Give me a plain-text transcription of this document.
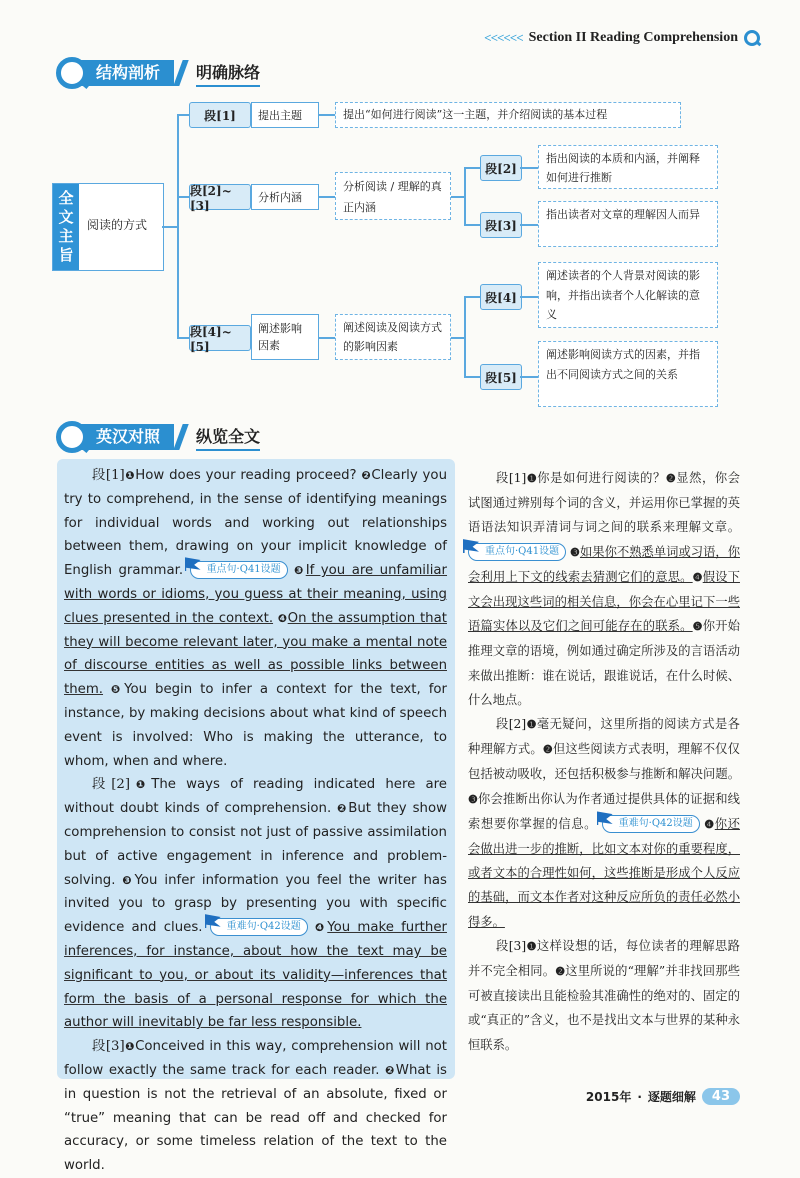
<<<<<< Section II Reading Comprehension
结构剖析	明确脉络
全
文
主
旨
阅读的方式
段[1]	提出主题	提出“如何进行阅读”这一主题，并介绍阅读的基本过程
段[2]~[3]
分析内涵
分析阅读 / 理解的真正内涵
段[2]
指出阅读的本质和内涵，并阐释如何进行推断
段[3]
指出读者对文章的理解因人而异
段[4]~[5]
阐述影响因素
阐述阅读及阅读方式的影响因素
段[4]
阐述读者的个人背景对阅读的影响，并指出读者个人化解读的意义
段[5]
阐述影响阅读方式的因素，并指出不同阅读方式之间的关系
英汉对照	纵览全文

段[1]❶How does your reading proceed? ❷Clearly you try to comprehend, in the sense of identifying meanings for individual words and working out relationships between them, drawing on your implicit knowledge of English grammar. 重点句·Q41设题 ❸If you are unfamiliar with words or idioms, you guess at their meaning, using clues presented in the context. ❹On the assumption that they will become relevant later, you make a mental note of discourse entities as well as possible links between them. ❺You begin to infer a context for the text, for instance, by making decisions about what kind of speech event is involved: Who is making the utterance, to whom, when and where.

段[2]❶The ways of reading indicated here are without doubt kinds of comprehension. ❷But they show comprehension to consist not just of passive assimilation but of active engagement in inference and problem-solving. ❸You infer information you feel the writer has invited you to grasp by presenting you with specific evidence and clues. 重难句·Q42设题 ❹You make further inferences, for instance, about how the text may be significant to you, or about its validity—inferences that form the basis of a personal response for which the author will inevitably be far less responsible.

段[3]❶Conceived in this way, comprehension will not follow exactly the same track for each reader. ❷What is in question is not the retrieval of an absolute, fixed or “true” meaning that can be read off and checked for accuracy, or some timeless relation of the text to the world.

段[1]❶你是如何进行阅读的？❷显然，你会试图通过辨别每个词的含义，并运用你已掌握的英语语法知识弄清词与词之间的联系来理解文章。 重点句·Q41设题 ❸如果你不熟悉单词或习语，你会利用上下文的线索去猜测它们的意思。❹假设下文会出现这些词的相关信息，你会在心里记下一些语篇实体以及它们之间可能存在的联系。❺你开始推理文章的语境，例如通过确定所涉及的言语活动来做出推断：谁在说话，跟谁说话，在什么时候、什么地点。

段[2]❶毫无疑问，这里所指的阅读方式是各种理解方式。❷但这些阅读方式表明，理解不仅仅包括被动吸收，还包括积极参与推断和解决问题。❸你会推断出你认为作者通过提供具体的证据和线索想要你掌握的信息。 重难句·Q42设题 ❹你还会做出进一步的推断，比如文本对你的重要程度，或者文本的合理性如何，这些推断是形成个人反应的基础，而文本作者对这种反应所负的责任必然小得多。

段[3]❶这样设想的话，每位读者的理解思路并不完全相同。❷这里所说的“理解”并非找回那些可被直接读出且能检验其准确性的绝对的、固定的或“真正的”含义，也不是找出文本与世界的某种永恒联系。

2015年 · 逐题细解	43
